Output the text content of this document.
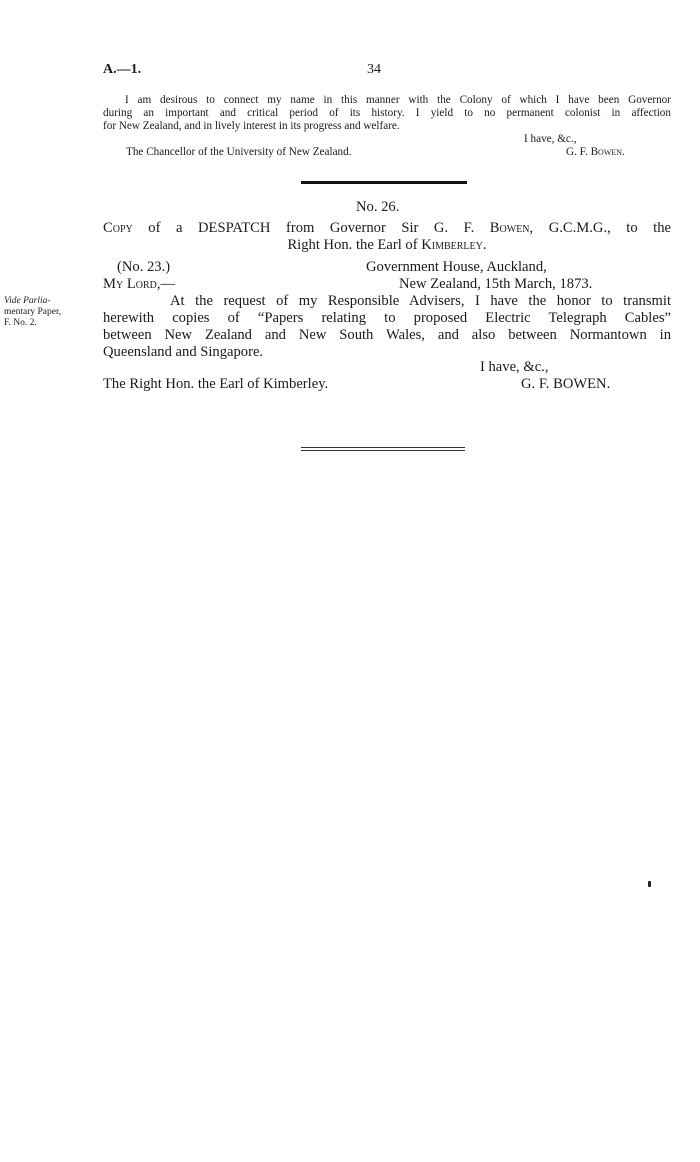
A.—1.	34
I am desirous to connect my name in this manner with the Colony of which I have been Governor
during an important and critical period of its history. I yield to no permanent colonist in affection
for New Zealand, and in lively interest in its progress and welfare.
I have, &c.,
The Chancellor of the University of New Zealand.	G. F. Bowen.
No. 26.
Copy of a DESPATCH from Governor Sir G. F. Bowen, G.C.M.G., to the
Right Hon. the Earl of Kimberley.
(No. 23.)	Government House, Auckland,
My Lord,—	New Zealand, 15th March, 1873.
Vide Parlia-
mentary Paper,
F. No. 2.
At the request of my Responsible Advisers, I have the honor to transmit
herewith copies of “Papers relating to proposed Electric Telegraph Cables”
between New Zealand and New South Wales, and also between Normantown in
Queensland and Singapore.
I have, &c.,
The Right Hon. the Earl of Kimberley.	G. F. BOWEN.
